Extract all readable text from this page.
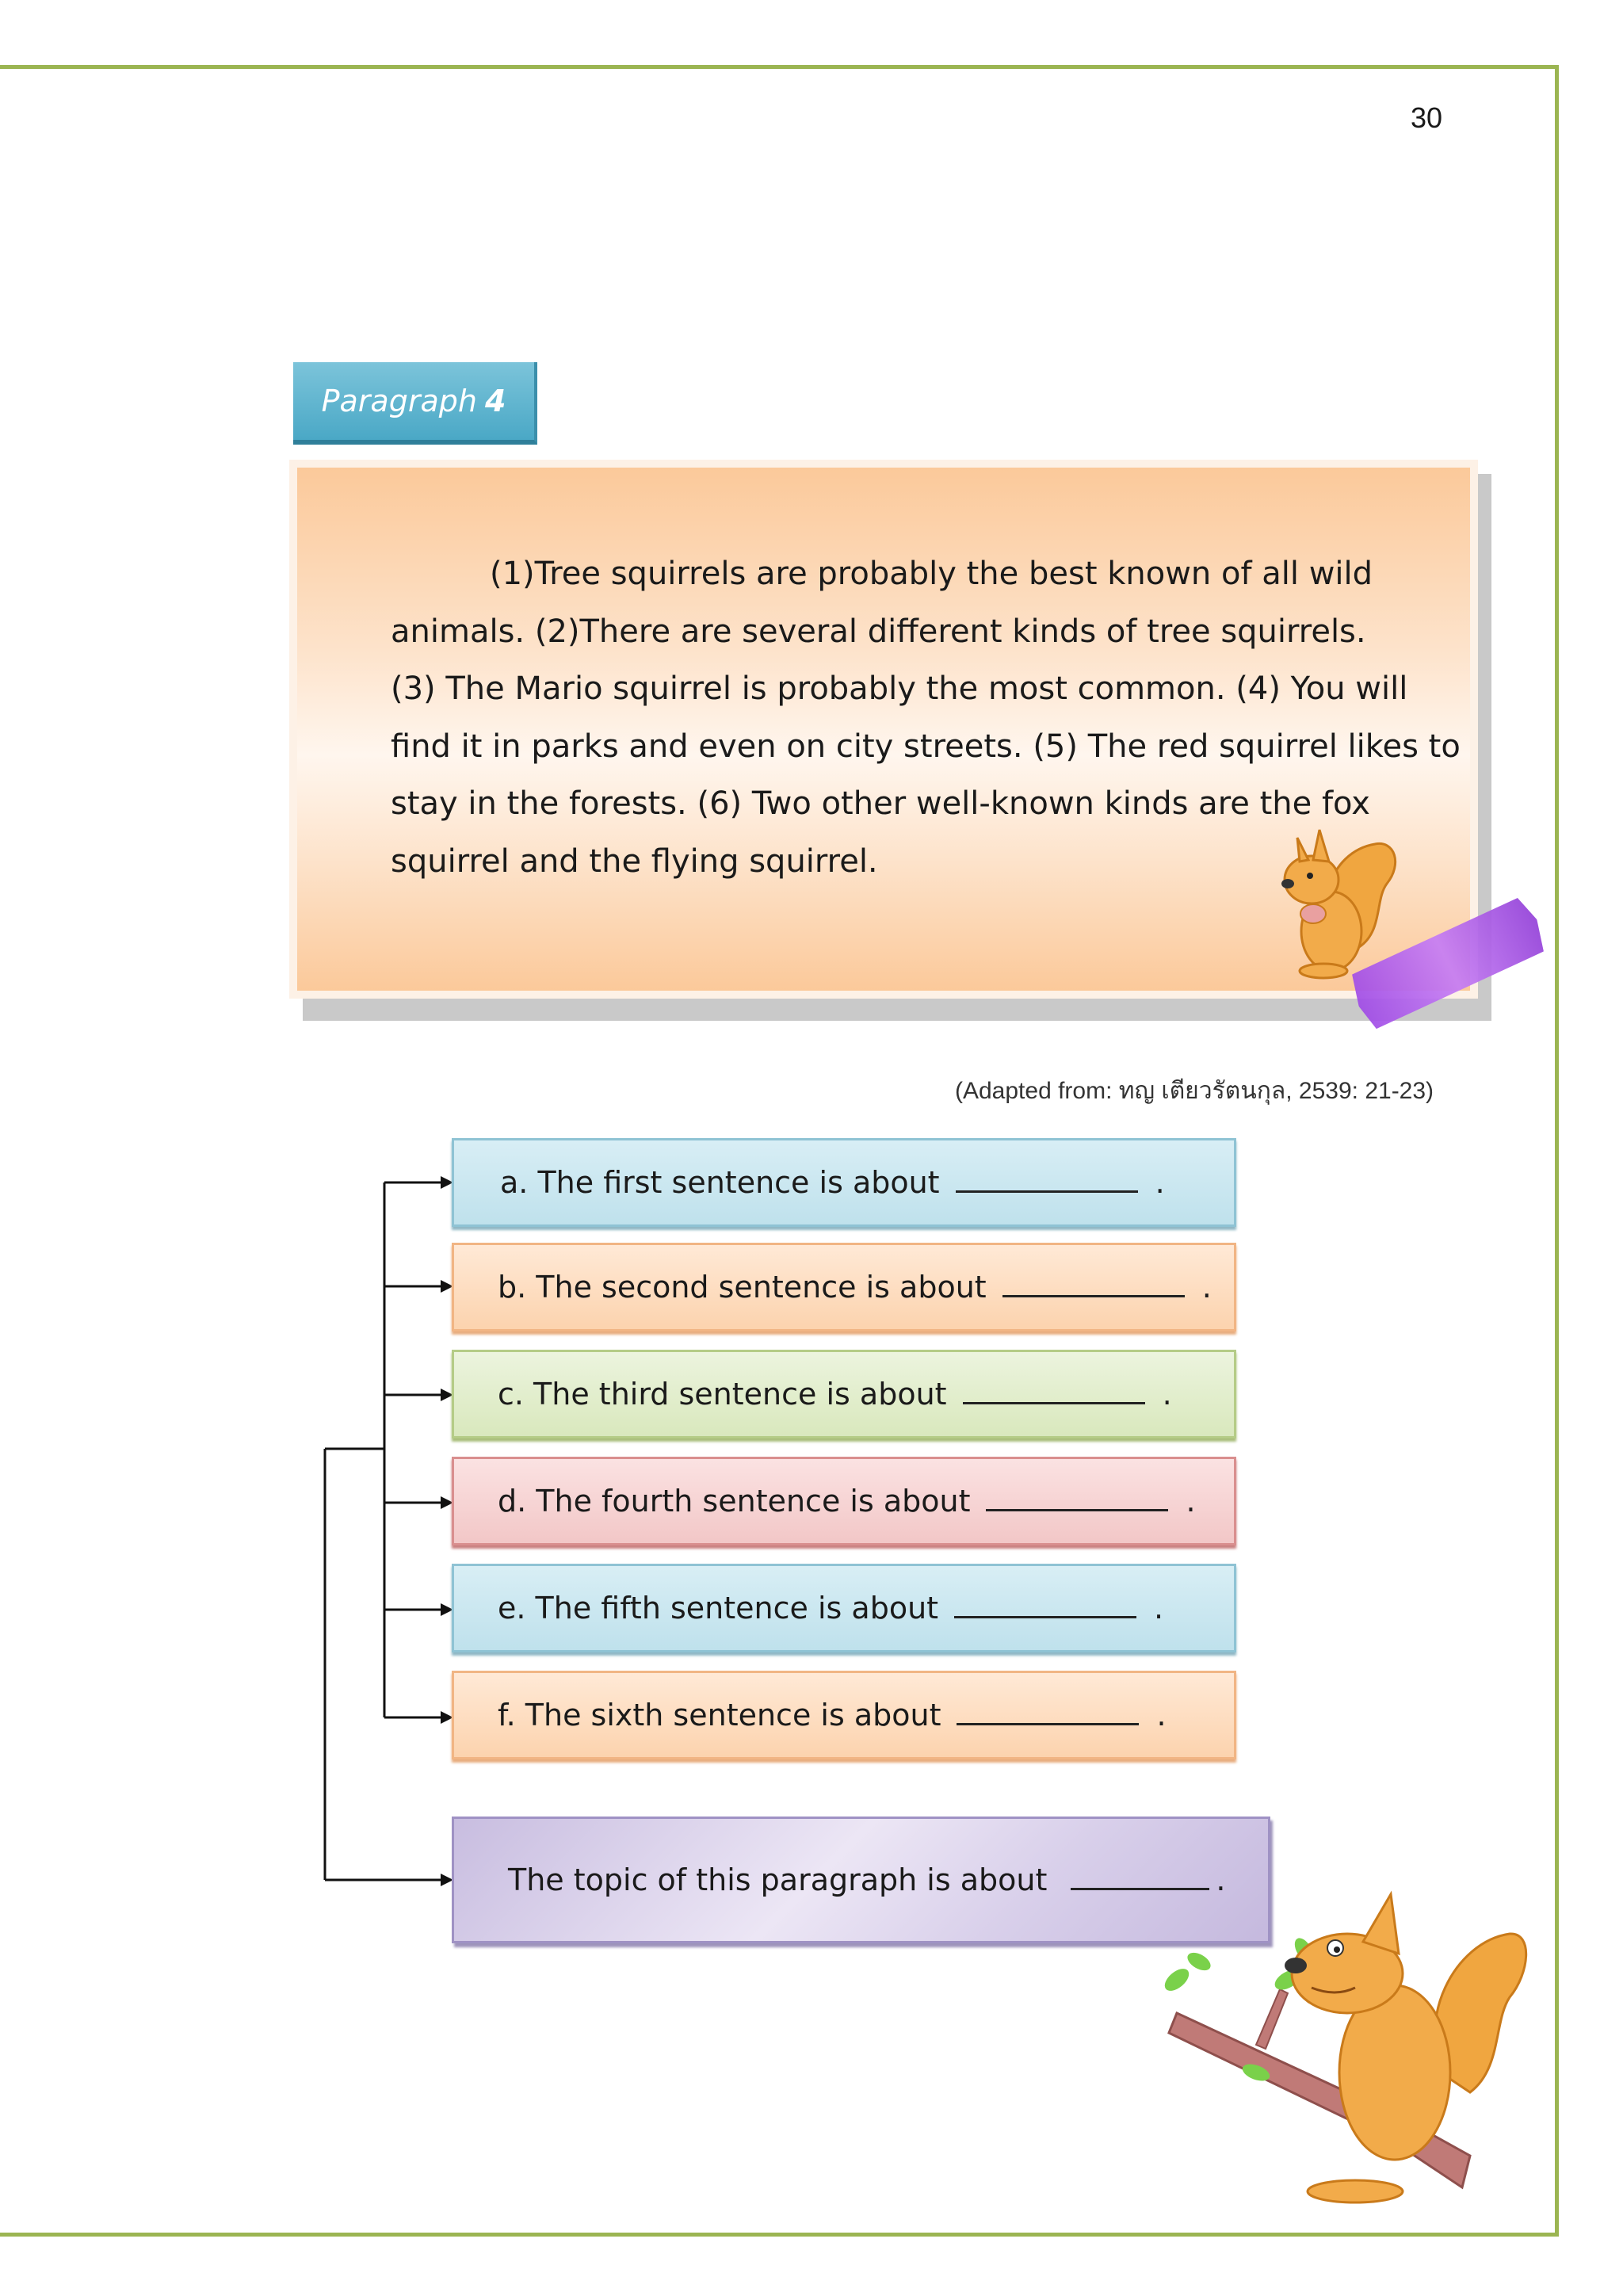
30
Paragraph 4
(1)Tree squirrels are probably the best known of all wild
animals. (2)There are several different kinds of tree squirrels.
(3) The Mario squirrel is probably the most common. (4) You will
find it in parks and even on city streets. (5) The red squirrel likes to
stay in the forests. (6) Two other well-known kinds are the fox
squirrel and the flying squirrel.
(Adapted from: ทญ เตียวรัตนกุล, 2539: 21-23)
a. The first sentence is about	.
b. The second sentence is about	.
c. The third sentence is about	.
d. The fourth sentence is about	.
e. The fifth sentence is about	.
f. The sixth sentence is about	.
The topic of this paragraph is about	.
